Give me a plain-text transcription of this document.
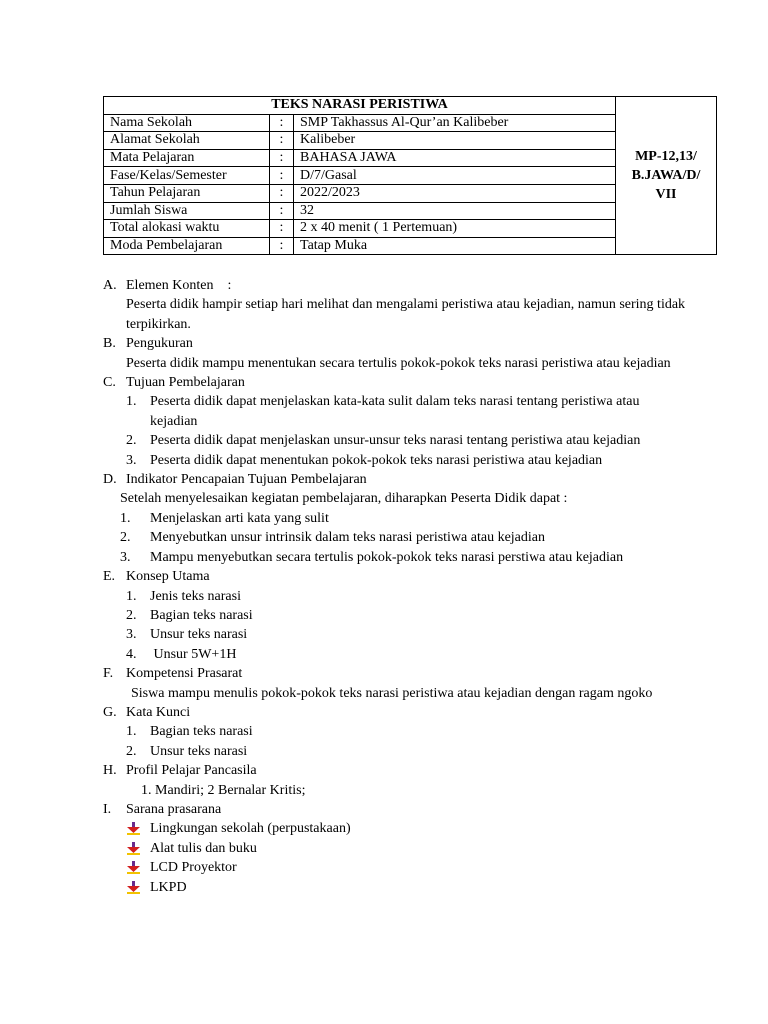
TEKS NARASI PERISTIWA			MP-12,13/ B.JAWA/D/ VII
Nama Sekolah	:	SMP Takhassus Al-Qur’an Kalibeber	
Alamat Sekolah	:	Kalibeber	
Mata Pelajaran	:	BAHASA JAWA	
Fase/Kelas/Semester	:	D/7/Gasal	
Tahun Pelajaran	:	2022/2023	
Jumlah Siswa	:	32	
Total alokasi waktu	:	2 x 40 menit ( 1 Pertemuan)	
Moda Pembelajaran	:	Tatap Muka	
A. Elemen Konten    :
Peserta didik hampir setiap hari melihat dan mengalami peristiwa atau kejadian, namun sering tidak terpikirkan.
B. Pengukuran
Peserta didik mampu menentukan secara tertulis pokok-pokok teks narasi peristiwa atau kejadian
C. Tujuan Pembelajaran
1. Peserta didik dapat menjelaskan kata-kata sulit dalam teks narasi tentang peristiwa atau kejadian
2. Peserta didik dapat menjelaskan unsur-unsur teks narasi tentang peristiwa atau kejadian
3. Peserta didik dapat menentukan pokok-pokok teks narasi peristiwa atau kejadian
D. Indikator Pencapaian Tujuan Pembelajaran
Setelah menyelesaikan kegiatan pembelajaran, diharapkan Peserta Didik dapat :
1. Menjelaskan arti kata yang sulit
2. Menyebutkan unsur intrinsik dalam teks narasi peristiwa atau kejadian
3. Mampu menyebutkan secara tertulis pokok-pokok teks narasi perstiwa atau kejadian
E. Konsep Utama
1. Jenis teks narasi
2. Bagian teks narasi
3. Unsur teks narasi
4. Unsur 5W+1H
F. Kompetensi Prasarat
Siswa mampu menulis pokok-pokok teks narasi peristiwa atau kejadian dengan ragam ngoko
G. Kata Kunci
1. Bagian teks narasi
2. Unsur teks narasi
H. Profil Pelajar Pancasila
1. Mandiri; 2 Bernalar Kritis;
I. Sarana prasarana
Lingkungan sekolah (perpustakaan)
Alat tulis dan buku
LCD Proyektor
LKPD
